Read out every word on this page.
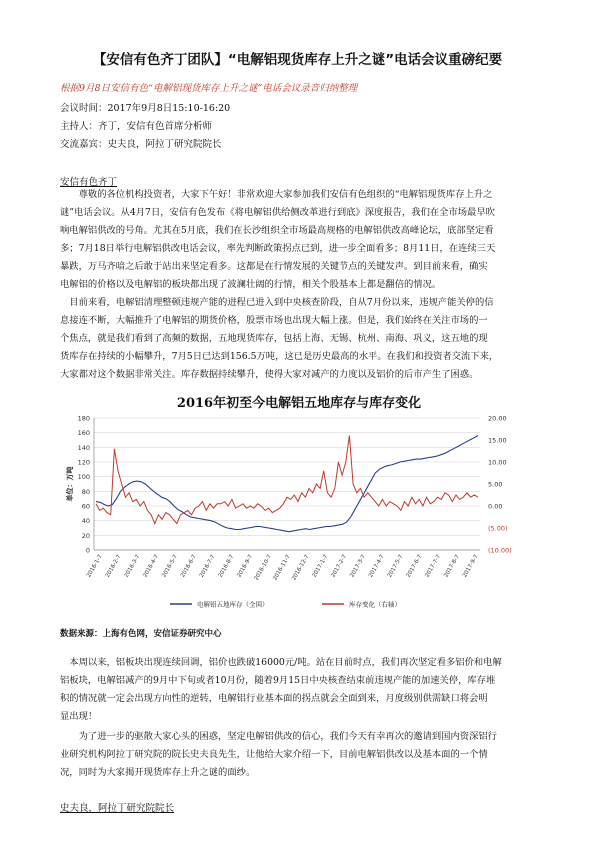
【安信有色齐丁团队】“电解铝现货库存上升之谜”电话会议重磅纪要
根据9月8日安信有色“电解铝现货库存上升之谜”电话会议录音归纳整理
会议时间：2017年9月8日15:10-16:20
主持人：齐丁，安信有色首席分析师
交流嘉宾：史夫良，阿拉丁研究院院长
安信有色齐丁
尊敬的各位机构投资者，大家下午好！非常欢迎大家参加我们安信有色组织的“电解铝现货库存上升之
谜”电话会议。从4月7日，安信有色发布《将电解铝供给侧改革进行到底》深度报告，我们在全市场最早吹
响电解铝供改的号角。尤其在5月底，我们在长沙组织全市场最高规格的电解铝供改高峰论坛，底部坚定看
多；7月18日举行电解铝供改电话会议，率先判断政策拐点已到，进一步全面看多；8月11日，在连续三天
暴跌，万马齐喑之后敢于站出来坚定看多。这都是在行情发展的关键节点的关键发声。到目前来看，确实
电解铝的价格以及电解铝的板块都出现了波澜壮阔的行情，相关个股基本上都是翻倍的情况。
目前来看，电解铝清理整顿违规产能的进程已进入到中央核查阶段，自从7月份以来，违规产能关停的信
息接连不断，大幅推升了电解铝的期货价格，股票市场也出现大幅上涨。但是，我们始终在关注市场的一
个焦点，就是我们看到了高频的数据，五地现货库存，包括上海、无锡、杭州、南海、巩义，这五地的现
货库存在持续的小幅攀升，7月5日已达到156.5万吨，这已是历史最高的水平。在我们和投资者交流下来，
大家都对这个数据非常关注。库存数据持续攀升，使得大家对减产的力度以及铝价的后市产生了困惑。
2016年初至今电解铝五地库存与库存变化
0
20
40
60
80
100
120
140
160
180
(10.00)
(5.00)
0.00
5.00
10.00
15.00
20.00
单位：万吨
2016-1-7 2016-2-7 2016-3-7 2016-4-7 2016-5-7 2016-6-7 2016-7-7 2016-8-7 2016-9-7 2016-10-7 2016-11-7 2016-12-7 2017-1-7 2017-2-7 2017-3-7 2017-4-7 2017-5-7 2017-6-7 2017-7-7 2017-8-7 2017-9-7
电解铝五地库存（全国）	库存变化（右轴）
数据来源：上海有色网，安信证券研究中心
本周以来，铝板块出现连续回调，铝价也跌破16000元/吨。站在目前时点，我们再次坚定看多铝价和电解
铝板块，电解铝减产的9月中下旬或者10月份，随着9月15日中央核查结束前违规产能的加速关停，库存堆
积的情况就一定会出现方向性的逆转，电解铝行业基本面的拐点就会全面到来，月度级别供需缺口将会明
显出现！
为了进一步的驱散大家心头的困惑，坚定电解铝供改的信心，我们今天有幸再次的邀请到国内资深铝行
业研究机构阿拉丁研究院的院长史夫良先生，让他给大家介绍一下，目前电解铝供改以及基本面的一个情
况，同时为大家揭开现货库存上升之谜的面纱。
史夫良，阿拉丁研究院院长
